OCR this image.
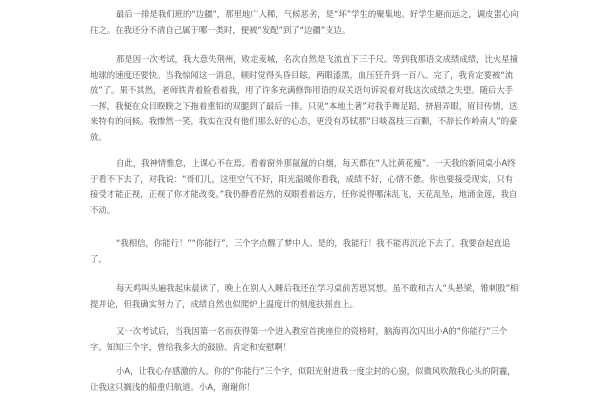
最后一排是我们班的“边疆”，那里地广人稀，气候恶劣，是“坏”学生的聚集地。好学生避而远之，调皮蛋心向往之。在我还分不清自己属于哪一类时，便被“发配”到了“边疆”支边。

那是因一次考试，我大意失荆州，败走麦城，名次自然是飞流直下三千尺。等到我那语文成绩成绩，比火星撞地球的速度还要快。当我惊闻这一消息，顿时觉得头昏目眩，两眼漆黑，血压狂升到一百八。完了，我肯定要被“流放”了。果不其然，老师铁青着脸看着我，用了许多充满修饰用语的双关语句诉说着对我这次成绩之失望。随后大手一挥，我便在众目睽睽之下拖着重铅的双腿到了最后一排。只见“本地土著”对我手舞足蹈，挤眉弄眼，眉目传情，送来特有的问候。我惨然一笑，我实在没有他们那么好的心态，更没有苏轼那“日啖荔枝三百颗，不辞长作岭南人”的豪放。

自此，我神情惟怠，上课心不在焉。看着窗外那氤氲的白烟，每天都在“人比黄花瘦”。一天我的新同桌小A终于看不下去了，对我说：“哥们儿，这里空气不好，阳光温暖你看我，成绩不好，心情不惫。你也要接受现实，只有接受才能正视，正视了你才能改变。”我仍静看茫然的双眼看着远方，任你说得哪沫乱飞，天花乱坠，地涌金莲，我自不动。

“我相信，你能行！”“你能行”，三个字点醒了梦中人。是的，我能行！我不能再沉沦下去了，我要奋起直追了。

每天鸡叫头遍我起床晨读了，晚上在别人入睡后我还在学习桌前苦思冥想。虽不敢和古人“头悬梁，锥刺股”相提并论，但我确实努力了，成绩自然也似爬炉上温度计的刻度扶摇直上。

又一次考试后，当我因第一名而获得第一个进入教室首挑座位的资格时，脑海再次闪出小A的“你能行”三个字。知知三个字，曾给我多大的鼓励、肯定和安慰啊！

小A，让我心存感激的人。你的“你能行”三个字，似阳光射进我一度尘封的心窗，似微风吹散我心头的阴霾，让我这只搁浅的船重归航道。小A，谢谢你！
